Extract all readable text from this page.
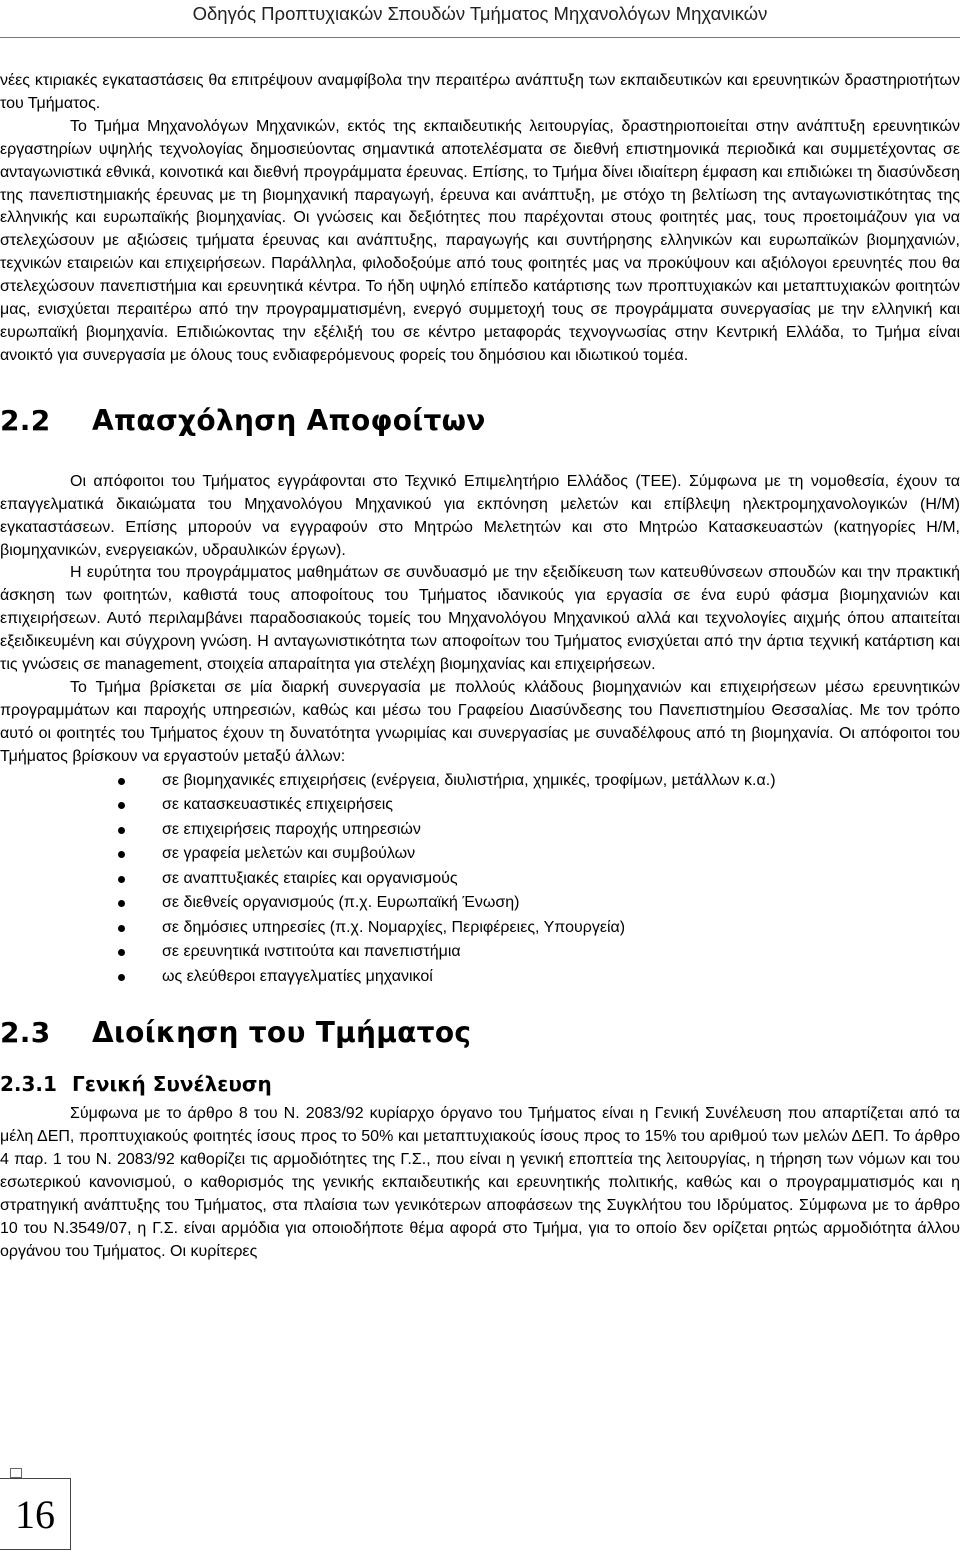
Οδηγός Προπτυχιακών Σπουδών Τμήματος Μηχανολόγων Μηχανικών

νέες κτιριακές εγκαταστάσεις θα επιτρέψουν αναμφίβολα την περαιτέρω ανάπτυξη των εκπαιδευτικών και ερευνητικών δραστηριοτήτων του Τμήματος.

Το Τμήμα Μηχανολόγων Μηχανικών, εκτός της εκπαιδευτικής λειτουργίας, δραστηριοποιείται στην ανάπτυξη ερευνητικών εργαστηρίων υψηλής τεχνολογίας δημοσιεύοντας σημαντικά αποτελέσματα σε διεθνή επιστημονικά περιοδικά και συμμετέχοντας σε ανταγωνιστικά εθνικά, κοινοτικά και διεθνή προγράμματα έρευνας. Επίσης, το Τμήμα δίνει ιδιαίτερη έμφαση και επιδιώκει τη διασύνδεση της πανεπιστημιακής έρευνας με τη βιομηχανική παραγωγή, έρευνα και ανάπτυξη, με στόχο τη βελτίωση της ανταγωνιστικότητας της ελληνικής και ευρωπαϊκής βιομηχανίας. Οι γνώσεις και δεξιότητες που παρέχονται στους φοιτητές μας, τους προετοιμάζουν για να στελεχώσουν με αξιώσεις τμήματα έρευνας και ανάπτυξης, παραγωγής και συντήρησης ελληνικών και ευρωπαϊκών βιομηχανιών, τεχνικών εταιρειών και επιχειρήσεων. Παράλληλα, φιλοδοξούμε από τους φοιτητές μας να προκύψουν και αξιόλογοι ερευνητές που θα στελεχώσουν πανεπιστήμια και ερευνητικά κέντρα. Το ήδη υψηλό επίπεδο κατάρτισης των προπτυχιακών και μεταπτυχιακών φοιτητών μας, ενισχύεται περαιτέρω από την προγραμματισμένη, ενεργό συμμετοχή τους σε προγράμματα συνεργασίας με την ελληνική και ευρωπαϊκή βιομηχανία. Επιδιώκοντας την εξέλιξή του σε κέντρο μεταφοράς τεχνογνωσίας στην Κεντρική Ελλάδα, το Τμήμα είναι ανοικτό για συνεργασία με όλους τους ενδιαφερόμενους φορείς του δημόσιου και ιδιωτικού τομέα.

2.2 Απασχόληση Αποφοίτων

Οι απόφοιτοι του Τμήματος εγγράφονται στο Τεχνικό Επιμελητήριο Ελλάδος (ΤΕΕ). Σύμφωνα με τη νομοθεσία, έχουν τα επαγγελματικά δικαιώματα του Μηχανολόγου Μηχανικού για εκπόνηση μελετών και επίβλεψη ηλεκτρομηχανολογικών (Η/Μ) εγκαταστάσεων. Επίσης μπορούν να εγγραφούν στο Μητρώο Μελετητών και στο Μητρώο Κατασκευαστών (κατηγορίες Η/Μ, βιομηχανικών, ενεργειακών, υδραυλικών έργων).

Η ευρύτητα του προγράμματος μαθημάτων σε συνδυασμό με την εξειδίκευση των κατευθύνσεων σπουδών και την πρακτική άσκηση των φοιτητών, καθιστά τους αποφοίτους του Τμήματος ιδανικούς για εργασία σε ένα ευρύ φάσμα βιομηχανιών και επιχειρήσεων. Αυτό περιλαμβάνει παραδοσιακούς τομείς του Μηχανολόγου Μηχανικού αλλά και τεχνολογίες αιχμής όπου απαιτείται εξειδικευμένη και σύγχρονη γνώση. Η ανταγωνιστικότητα των αποφοίτων του Τμήματος ενισχύεται από την άρτια τεχνική κατάρτιση και τις γνώσεις σε management, στοιχεία απαραίτητα για στελέχη βιομηχανίας και επιχειρήσεων.

Το Τμήμα βρίσκεται σε μία διαρκή συνεργασία με πολλούς κλάδους βιομηχανιών και επιχειρήσεων μέσω ερευνητικών προγραμμάτων και παροχής υπηρεσιών, καθώς και μέσω του Γραφείου Διασύνδεσης του Πανεπιστημίου Θεσσαλίας. Με τον τρόπο αυτό οι φοιτητές του Τμήματος έχουν τη δυνατότητα γνωριμίας και συνεργασίας με συναδέλφους από τη βιομηχανία. Οι απόφοιτοι του Τμήματος βρίσκουν να εργαστούν μεταξύ άλλων:

σε βιομηχανικές επιχειρήσεις (ενέργεια, διυλιστήρια, χημικές, τροφίμων, μετάλλων κ.α.)
σε κατασκευαστικές επιχειρήσεις
σε επιχειρήσεις παροχής υπηρεσιών
σε γραφεία μελετών και συμβούλων
σε αναπτυξιακές εταιρίες και οργανισμούς
σε διεθνείς οργανισμούς (π.χ. Ευρωπαϊκή Ένωση)
σε δημόσιες υπηρεσίες (π.χ. Νομαρχίες, Περιφέρειες, Υπουργεία)
σε ερευνητικά ινστιτούτα και πανεπιστήμια
ως ελεύθεροι επαγγελματίες μηχανικοί
2.3 Διοίκηση του Τμήματος
2.3.1 Γενική Συνέλευση

Σύμφωνα με το άρθρο 8 του Ν. 2083/92 κυρίαρχο όργανο του Τμήματος είναι η Γενική Συνέλευση που απαρτίζεται από τα μέλη ΔΕΠ, προπτυχιακούς φοιτητές ίσους προς το 50% και μεταπτυχιακούς ίσους προς το 15% του αριθμού των μελών ΔΕΠ. Το άρθρο 4 παρ. 1 του Ν. 2083/92 καθορίζει τις αρμοδιότητες της Γ.Σ., που είναι η γενική εποπτεία της λειτουργίας, η τήρηση των νόμων και του εσωτερικού κανονισμού, ο καθορισμός της γενικής εκπαιδευτικής και ερευνητικής πολιτικής, καθώς και ο προγραμματισμός και η στρατηγική ανάπτυξης του Τμήματος, στα πλαίσια των γενικότερων αποφάσεων της Συγκλήτου του Ιδρύματος. Σύμφωνα με το άρθρο 10 του Ν.3549/07, η Γ.Σ. είναι αρμόδια για οποιοδήποτε θέμα αφορά στο Τμήμα, για το οποίο δεν ορίζεται ρητώς αρμοδιότητα άλλου οργάνου του Τμήματος. Οι κυρίτερες

16
